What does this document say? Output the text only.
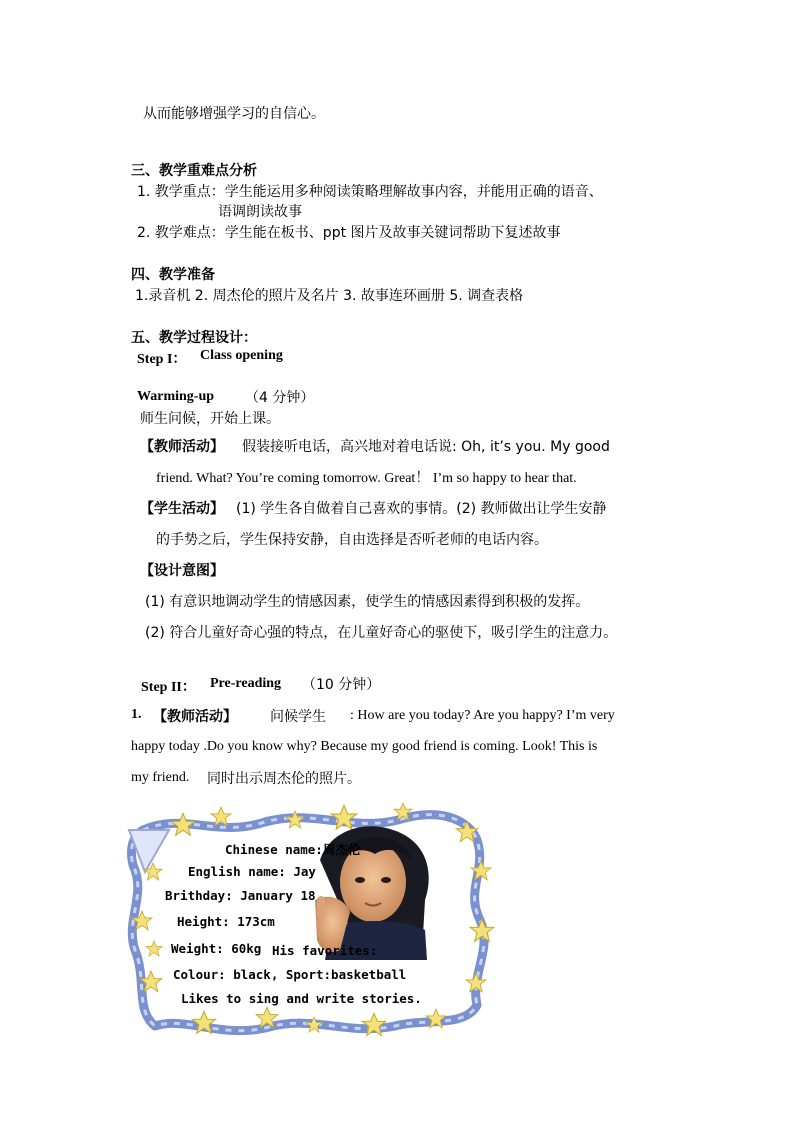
从而能够增强学习的自信心。
三、教学重难点分析
1. 教学重点：学生能运用多种阅读策略理解故事内容，并能用正确的语音、
语调朗读故事
2. 教学难点：学生能在板书、ppt 图片及故事关键词帮助下复述故事
四、教学准备
1.录音机 2. 周杰伦的照片及名片 3. 故事连环画册 5. 调查表格
五、教学过程设计：
Step I： Class opening
Warming-up （4 分钟）
师生问候，开始上课。
【教师活动】 假装接听电话，高兴地对着电话说: Oh, it’s you. My good
friend. What? You’re coming tomorrow. Great！ I’m so happy to hear that.
【学生活动】 (1) 学生各自做着自己喜欢的事情。(2) 教师做出让学生安静
的手势之后，学生保持安静，自由选择是否听老师的电话内容。
【设计意图】
(1) 有意识地调动学生的情感因素，使学生的情感因素得到积极的发挥。
(2) 符合儿童好奇心强的特点，在儿童好奇心的驱使下，吸引学生的注意力。
Step II： Pre-reading （10 分钟）
1. 【教师活动】 问候学生 : How are you today? Are you happy? I’m very
happy today .Do you know why? Because my good friend is coming. Look! This is
my friend. 同时出示周杰伦的照片。
Chinese name:周杰伦
English name: Jay
Brithday: January 18
Height: 173cm
Weight: 60kg His favorites:
Colour: black, Sport:basketball
Likes to sing and write stories.
